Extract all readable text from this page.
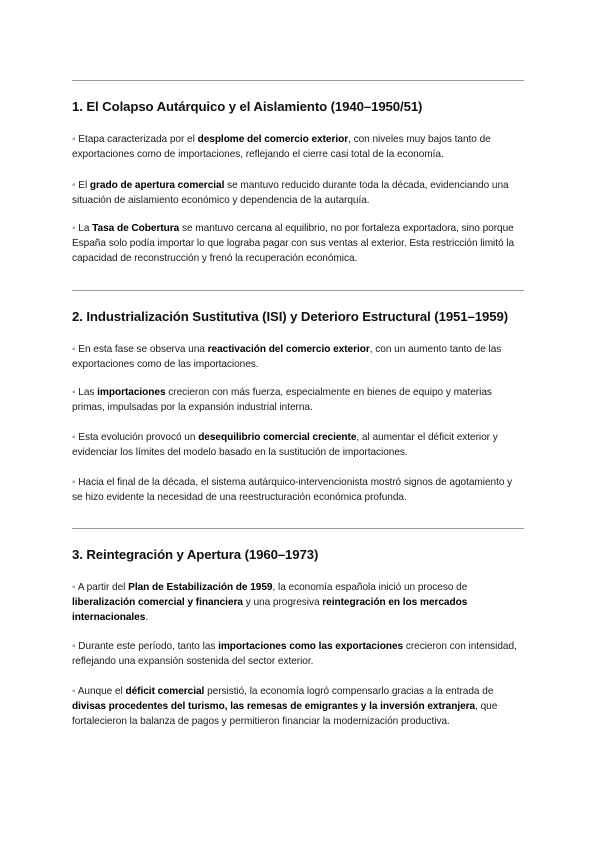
1. El Colapso Autárquico y el Aislamiento (1940–1950/51)
◦ Etapa caracterizada por el desplome del comercio exterior, con niveles muy bajos tanto de exportaciones como de importaciones, reflejando el cierre casi total de la economía.
◦ El grado de apertura comercial se mantuvo reducido durante toda la década, evidenciando una situación de aislamiento económico y dependencia de la autarquía.
◦ La Tasa de Cobertura se mantuvo cercana al equilibrio, no por fortaleza exportadora, sino porque España solo podía importar lo que lograba pagar con sus ventas al exterior. Esta restricción limitó la capacidad de reconstrucción y frenó la recuperación económica.
2. Industrialización Sustitutiva (ISI) y Deterioro Estructural (1951–1959)
◦ En esta fase se observa una reactivación del comercio exterior, con un aumento tanto de las exportaciones como de las importaciones.
◦ Las importaciones crecieron con más fuerza, especialmente en bienes de equipo y materias primas, impulsadas por la expansión industrial interna.
◦ Esta evolución provocó un desequilibrio comercial creciente, al aumentar el déficit exterior y evidenciar los límites del modelo basado en la sustitución de importaciones.
◦ Hacia el final de la década, el sistema autárquico-intervencionista mostró signos de agotamiento y se hizo evidente la necesidad de una reestructuración económica profunda.
3. Reintegración y Apertura (1960–1973)
◦ A partir del Plan de Estabilización de 1959, la economía española inició un proceso de liberalización comercial y financiera y una progresiva reintegración en los mercados internacionales.
◦ Durante este período, tanto las importaciones como las exportaciones crecieron con intensidad, reflejando una expansión sostenida del sector exterior.
◦ Aunque el déficit comercial persistió, la economía logró compensarlo gracias a la entrada de divisas procedentes del turismo, las remesas de emigrantes y la inversión extranjera, que fortalecieron la balanza de pagos y permitieron financiar la modernización productiva.
